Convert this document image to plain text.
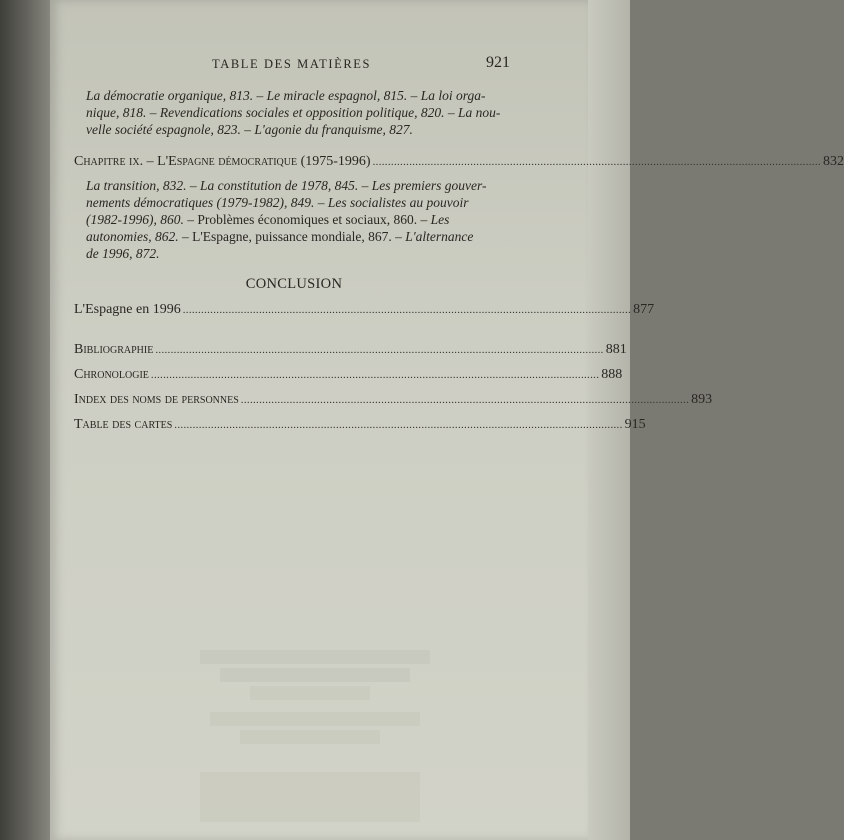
TABLE DES MATIÈRES	921

La démocratie organique, 813. – Le miracle espagnol, 815. – La loi orga-
nique, 818. – Revendications sociales et opposition politique, 820. – La nou-
velle société espagnole, 823. – L'agonie du franquisme, 827.

Chapitre ix. – L'Espagne démocratique (1975-1996) ................................................................................................................................................... 832

La transition, 832. – La constitution de 1978, 845. – Les premiers gouver-
nements démocratiques (1979-1982), 849. – Les socialistes au pouvoir
(1982-1996), 860. – Problèmes économiques et sociaux, 860. – Les
autonomies, 862. – L'Espagne, puissance mondiale, 867. – L'alternance
de 1996, 872.

CONCLUSION
L'Espagne en 1996 ................................................................................................................................................... 877
Bibliographie ................................................................................................................................................... 881
Chronologie ................................................................................................................................................... 888
Index des noms de personnes ................................................................................................................................................... 893
Table des cartes ................................................................................................................................................... 915
